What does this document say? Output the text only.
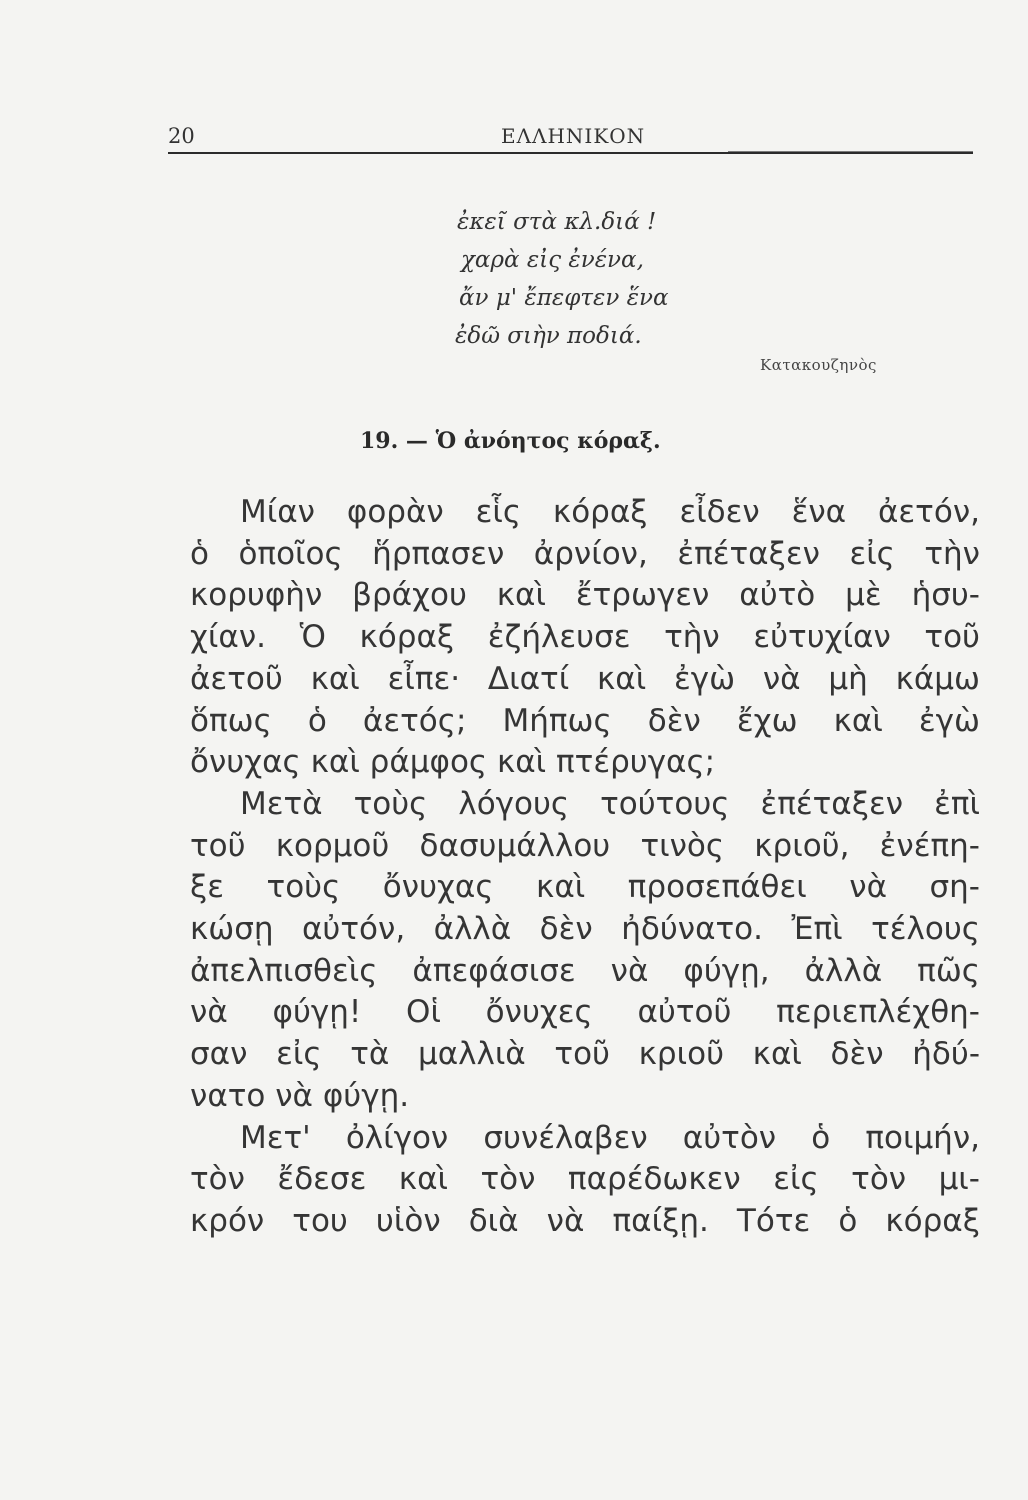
20	ΕΛΛΗΝΙΚΟΝ
ἐκεῖ στὰ κλ.διά !
χαρὰ εἰς ἐνένα,
ἄν μ' ἔπεφτεν ἕνα
ἐδῶ σιὴν ποδιά.
Κατακουζηνὸς
19. — Ὁ ἀνόητος κόραξ.
Μίαν φορὰν εἷς κόραξ εἶδεν ἕνα ἀετόν,
ὁ ὁποῖος ἥρπασεν ἀρνίον, ἐπέταξεν εἰς τὴν
κορυφὴν βράχου καὶ ἔτρωγεν αὐτὸ μὲ ἡσυ-
χίαν. Ὁ κόραξ ἐζήλευσε τὴν εὐτυχίαν τοῦ
ἀετοῦ καὶ εἶπε· Διατί καὶ ἐγὼ νὰ μὴ κάμω
ὅπως ὁ ἀετός; Μήπως δὲν ἔχω καὶ ἐγὼ
ὄνυχας καὶ ράμφος καὶ πτέρυγας;
Μετὰ τοὺς λόγους τούτους ἐπέταξεν ἐπὶ
τοῦ κορμοῦ δασυμάλλου τινὸς κριοῦ, ἐνέπη-
ξε τοὺς ὄνυχας καὶ προσεπάθει νὰ ση-
κώσῃ αὐτόν, ἀλλὰ δὲν ἠδύνατο. Ἐπὶ τέλους
ἀπελπισθεὶς ἀπεφάσισε νὰ φύγῃ, ἀλλὰ πῶς
νὰ φύγῃ! Οἱ ὄνυχες αὐτοῦ περιεπλέχθη-
σαν εἰς τὰ μαλλιὰ τοῦ κριοῦ καὶ δὲν ἠδύ-
νατο νὰ φύγῃ.
Μετ' ὀλίγον συνέλαβεν αὐτὸν ὁ ποιμήν,
τὸν ἔδεσε καὶ τὸν παρέδωκεν εἰς τὸν μι-
κρόν του υἱὸν διὰ νὰ παίξῃ. Τότε ὁ κόραξ
